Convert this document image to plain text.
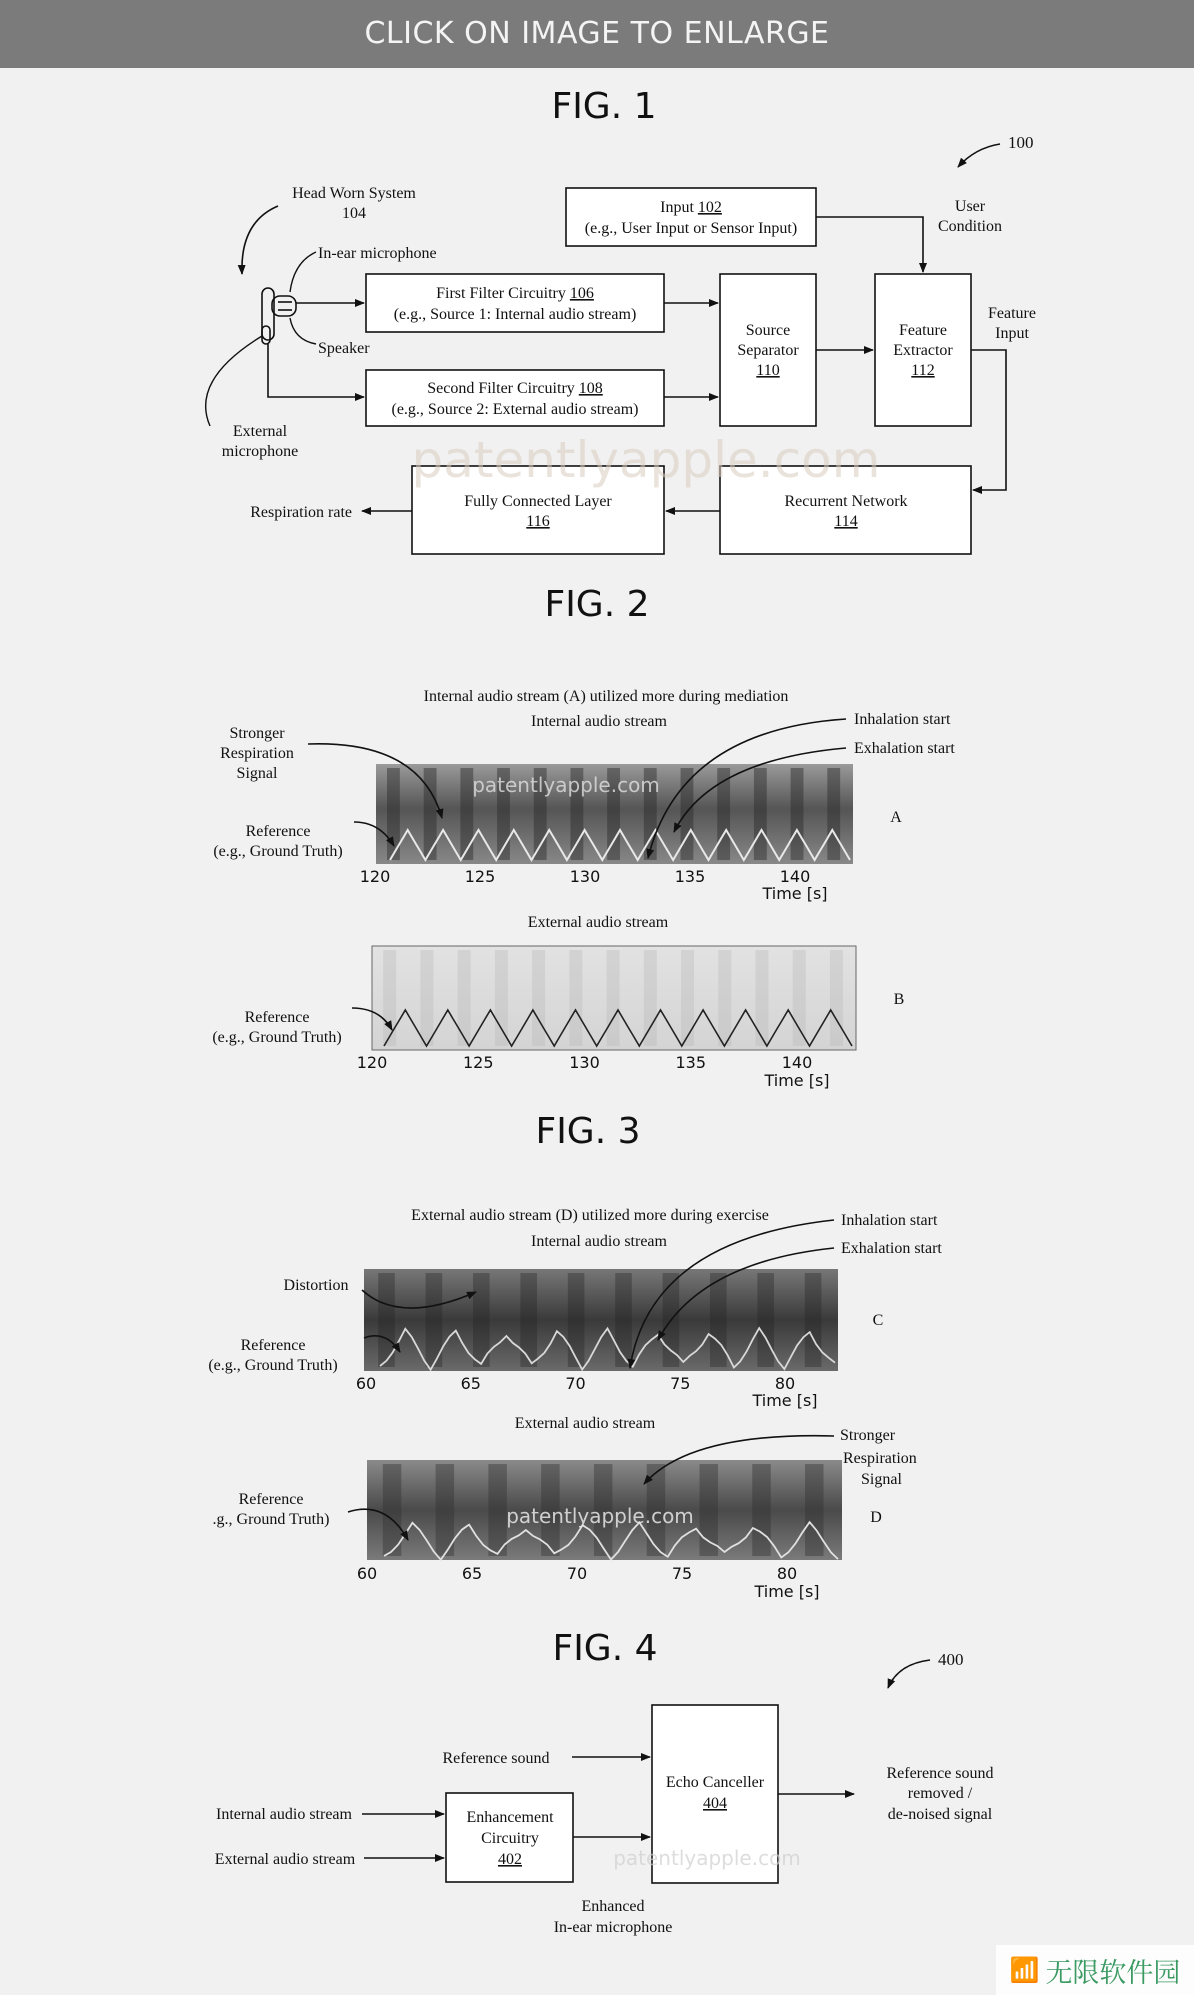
CLICK ON IMAGE TO ENLARGE
FIG. 1
100
Head Worn System
104
In-ear microphone
Speaker
External
microphone
Input 102
(e.g., User Input or Sensor Input)
User
Condition
First Filter Circuitry 106
(e.g., Source 1: Internal audio stream)
Second Filter Circuitry 108
(e.g., Source 2: External audio stream)
Source
Separator
110
Feature
Extractor
112
Feature
Input
Recurrent Network
114
Fully Connected Layer
116
Respiration rate
FIG. 2
Internal audio stream (A) utilized more during mediation
Internal audio stream
120	125	130	135	140
Time [s]
A
Stronger
Respiration
Signal
Reference
(e.g., Ground Truth)
Inhalation start
Exhalation start
External audio stream
120	125	130	135	140
Time [s]
B
Reference
(e.g., Ground Truth)
FIG. 3
External audio stream (D) utilized more during exercise
Internal audio stream
60	65	70	75	80
Time [s]
C
Distortion
Reference
(e.g., Ground Truth)
Inhalation start
Exhalation start
External audio stream
60	65	70	75	80
Time [s]
D
Stronger
Respiration
Signal
Reference
.g., Ground Truth)
FIG. 4	400
Reference sound
Echo Canceller
404
Internal audio stream
External audio stream
Enhancement
Circuitry
402
Reference sound
removed /
de-noised signal
Enhanced
In-ear microphone
patentlyapple.com
patentlyapple.com
patentlyapple.com
patentlyapple.com
📶 无限软件园
